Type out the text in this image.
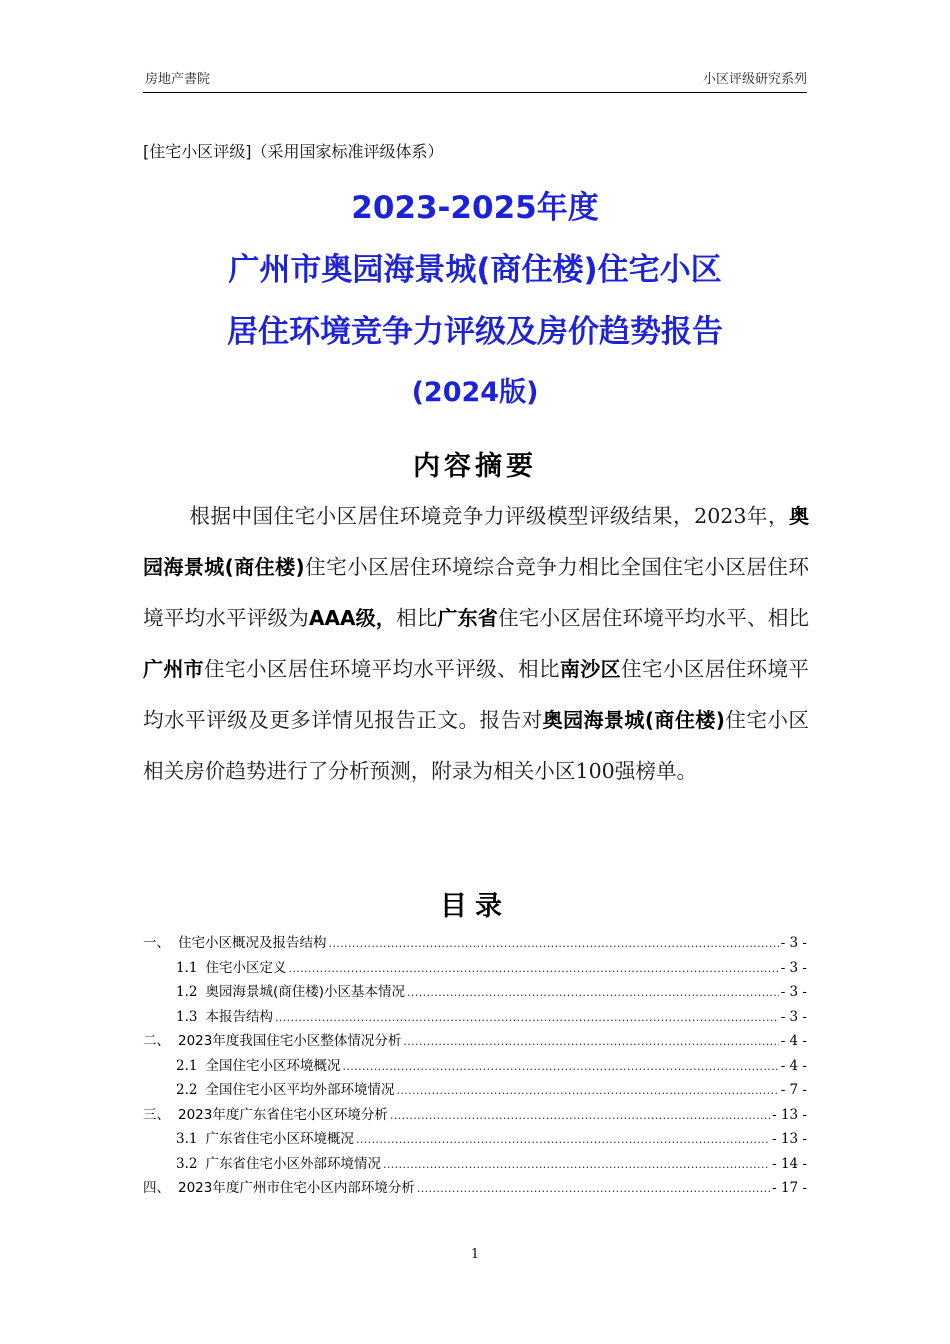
房地产書院	小区评级研究系列
[住宅小区评级]（采用国家标准评级体系）
2023-2025年度
广州市奥园海景城(商住楼)住宅小区
居住环境竞争力评级及房价趋势报告
(2024版)
内容摘要
根据中国住宅小区居住环境竞争力评级模型评级结果，2023年，奥园海景城(商住楼)住宅小区居住环境综合竞争力相比全国住宅小区居住环境平均水平评级为AAA级，相比广东省住宅小区居住环境平均水平、相比广州市住宅小区居住环境平均水平评级、相比南沙区住宅小区居住环境平均水平评级及更多详情见报告正文。报告对奥园海景城(商住楼)住宅小区相关房价趋势进行了分析预测，附录为相关小区100强榜单。
目录
一、 住宅小区概况及报告结构 .....	- 3 -
1.1 住宅小区定义 .....	- 3 -
1.2 奥园海景城(商住楼)小区基本情况 .....	- 3 -
1.3 本报告结构 .....	- 3 -
二、 2023年度我国住宅小区整体情况分析 .....	- 4 -
2.1 全国住宅小区环境概况 .....	- 4 -
2.2 全国住宅小区平均外部环境情况 .....	- 7 -
三、 2023年度广东省住宅小区环境分析 .....	- 13 -
3.1 广东省住宅小区环境概况 .....	- 13 -
3.2 广东省住宅小区外部环境情况 .....	- 14 -
四、 2023年度广州市住宅小区内部环境分析 .....	- 17 -
1
